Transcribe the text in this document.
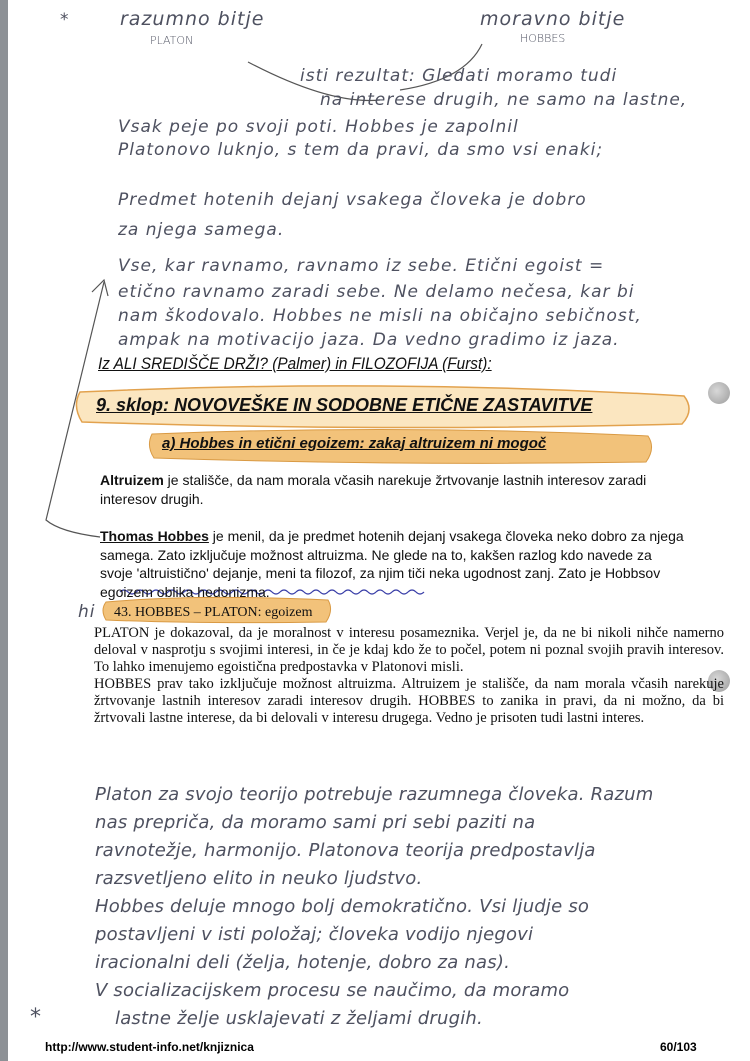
*	razumno bitje
PLATON
moravno bitje
HOBBES
isti rezultat: Gledati moramo tudi
na interese drugih, ne samo na lastne,
Vsak peje po svoji poti. Hobbes je zapolnil
Platonovo luknjo, s tem da pravi, da smo vsi enaki;
Predmet hotenih dejanj vsakega človeka je dobro
za njega samega.
Vse, kar ravnamo, ravnamo iz sebe. Etični egoist =
etično ravnamo zaradi sebe. Ne delamo nečesa, kar bi
nam škodovalo. Hobbes ne misli na običajno sebičnost,
ampak na motivacijo jaza. Da vedno gradimo iz jaza.
Iz ALI SREDIŠČE DRŽI? (Palmer) in FILOZOFIJA (Furst):
9. sklop: NOVOVEŠKE IN SODOBNE ETIČNE ZASTAVITVE
a) Hobbes in etični egoizem: zakaj altruizem ni mogoč
Altruizem je stališče, da nam morala včasih narekuje žrtvovanje lastnih interesov zaradi interesov drugih.
Thomas Hobbes je menil, da je predmet hotenih dejanj vsakega človeka neko dobro za njega samega. Zato izključuje možnost altruizma. Ne glede na to, kakšen razlog kdo navede za svoje 'altruistično' dejanje, meni ta filozof, za njim tiči neka ugodnost zanj. Zato je Hobbsov egoizem oblika hedonizma.
hi 43. HOBBES – PLATON: egoizem
PLATON je dokazoval, da je moralnost v interesu posameznika. Verjel je, da ne bi nikoli nihče namerno deloval v nasprotju s svojimi interesi, in če je kdaj kdo že to počel, potem ni poznal svojih pravih interesov. To lahko imenujemo egoistična predpostavka v Platonovi misli.
HOBBES prav tako izključuje možnost altruizma. Altruizem je stališče, da nam morala včasih narekuje žrtvovanje lastnih interesov zaradi interesov drugih. HOBBES to zanika in pravi, da ni možno, da bi žrtvovali lastne interese, da bi delovali v interesu drugega. Vedno je prisoten tudi lastni interes.
Platon za svojo teorijo potrebuje razumnega človeka. Razum
nas prepriča, da moramo sami pri sebi paziti na
ravnotežje, harmonijo. Platonova teorija predpostavlja
razsvetljeno elito in neuko ljudstvo.
Hobbes deluje mnogo bolj demokratično. Vsi ljudje so
postavljeni v isti položaj; človeka vodijo njegovi
iracionalni deli (želja, hotenje, dobro za nas).
V socializacijskem procesu se naučimo, da moramo
lastne želje usklajevati z željami drugih.
*
http://www.student-info.net/knjiznica	60/103
